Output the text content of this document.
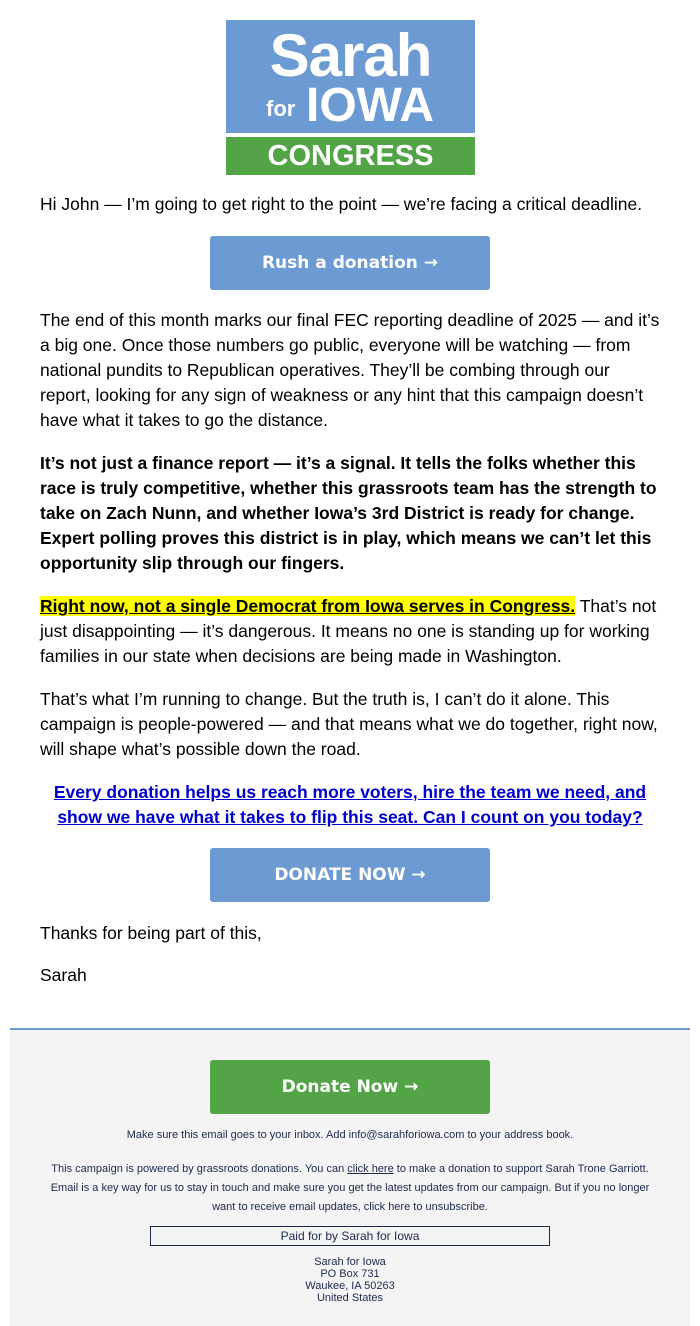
Sarah
for IOWA
CONGRESS
Hi John — I’m going to get right to the point — we’re facing a critical deadline.
Rush a donation →

The end of this month marks our final FEC reporting deadline of 2025 — and it’s a big one. Once those numbers go public, everyone will be watching — from national pundits to Republican operatives. They’ll be combing through our report, looking for any sign of weakness or any hint that this campaign doesn’t have what it takes to go the distance.

It’s not just a finance report — it’s a signal. It tells the folks whether this race is truly competitive, whether this grassroots team has the strength to take on Zach Nunn, and whether Iowa’s 3rd District is ready for change. Expert polling proves this district is in play, which means we can’t let this opportunity slip through our fingers.

Right now, not a single Democrat from Iowa serves in Congress. That’s not just disappointing — it’s dangerous. It means no one is standing up for working families in our state when decisions are being made in Washington.

That’s what I’m running to change. But the truth is, I can’t do it alone. This campaign is people-powered — and that means what we do together, right now, will shape what’s possible down the road.

Every donation helps us reach more voters, hire the team we need, and show we have what it takes to flip this seat. Can I count on you today?
DONATE NOW →
Thanks for being part of this,
Sarah
Donate Now →
Make sure this email goes to your inbox. Add info@sarahforiowa.com to your address book.
This campaign is powered by grassroots donations. You can click here to make a donation to support Sarah Trone Garriott. Email is a key way for us to stay in touch and make sure you get the latest updates from our campaign. But if you no longer want to receive email updates, click here to unsubscribe.
Paid for by Sarah for Iowa
Sarah for Iowa
PO Box 731
Waukee, IA 50263
United States
